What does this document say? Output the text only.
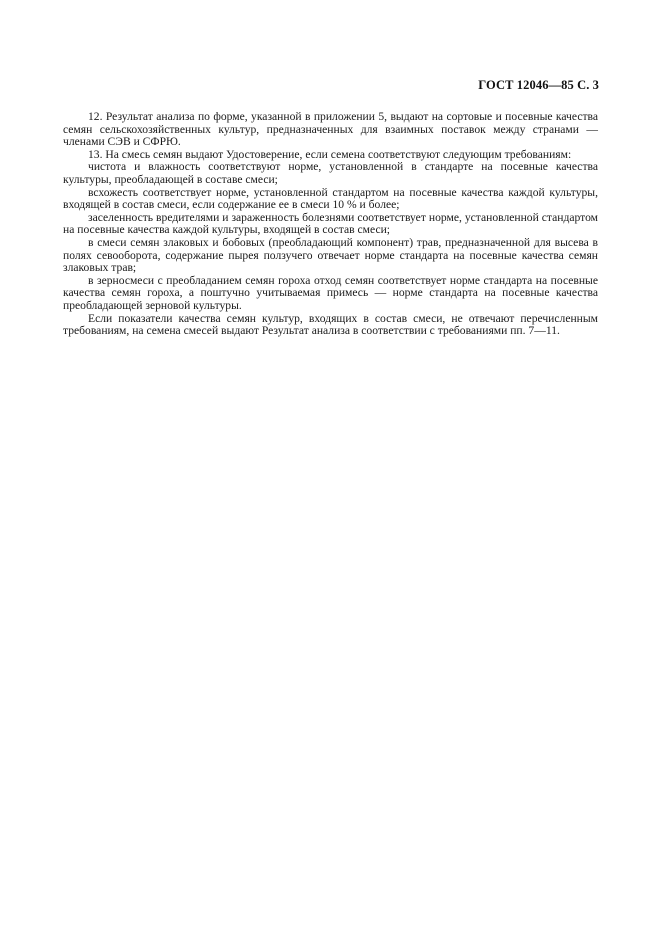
ГОСТ 12046—85 С. 3

12. Результат анализа по форме, указанной в приложении 5, выдают на сортовые и посевные качества семян сельскохозяйственных культур, предназначенных для взаимных поставок между странами — членами СЭВ и СФРЮ.

13. На смесь семян выдают Удостоверение, если семена соответствуют следующим требованиям:

чистота и влажность соответствуют норме, установленной в стандарте на посевные качества культуры, преобладающей в составе смеси;

всхожесть соответствует норме, установленной стандартом на посевные качества каждой культуры, входящей в состав смеси, если содержание ее в смеси 10 % и более;

заселенность вредителями и зараженность болезнями соответствует норме, установленной стандартом на посевные качества каждой культуры, входящей в состав смеси;

в смеси семян злаковых и бобовых (преобладающий компонент) трав, предназначенной для высева в полях севооборота, содержание пырея ползучего отвечает норме стандарта на посевные качества семян злаковых трав;

в зерносмеси с преобладанием семян гороха отход семян соответствует норме стандарта на посевные качества семян гороха, а поштучно учитываемая примесь — норме стандарта на посевные качества преобладающей зерновой культуры.

Если показатели качества семян культур, входящих в состав смеси, не отвечают перечисленным требованиям, на семена смесей выдают Результат анализа в соответствии с требованиями пп. 7—11.
